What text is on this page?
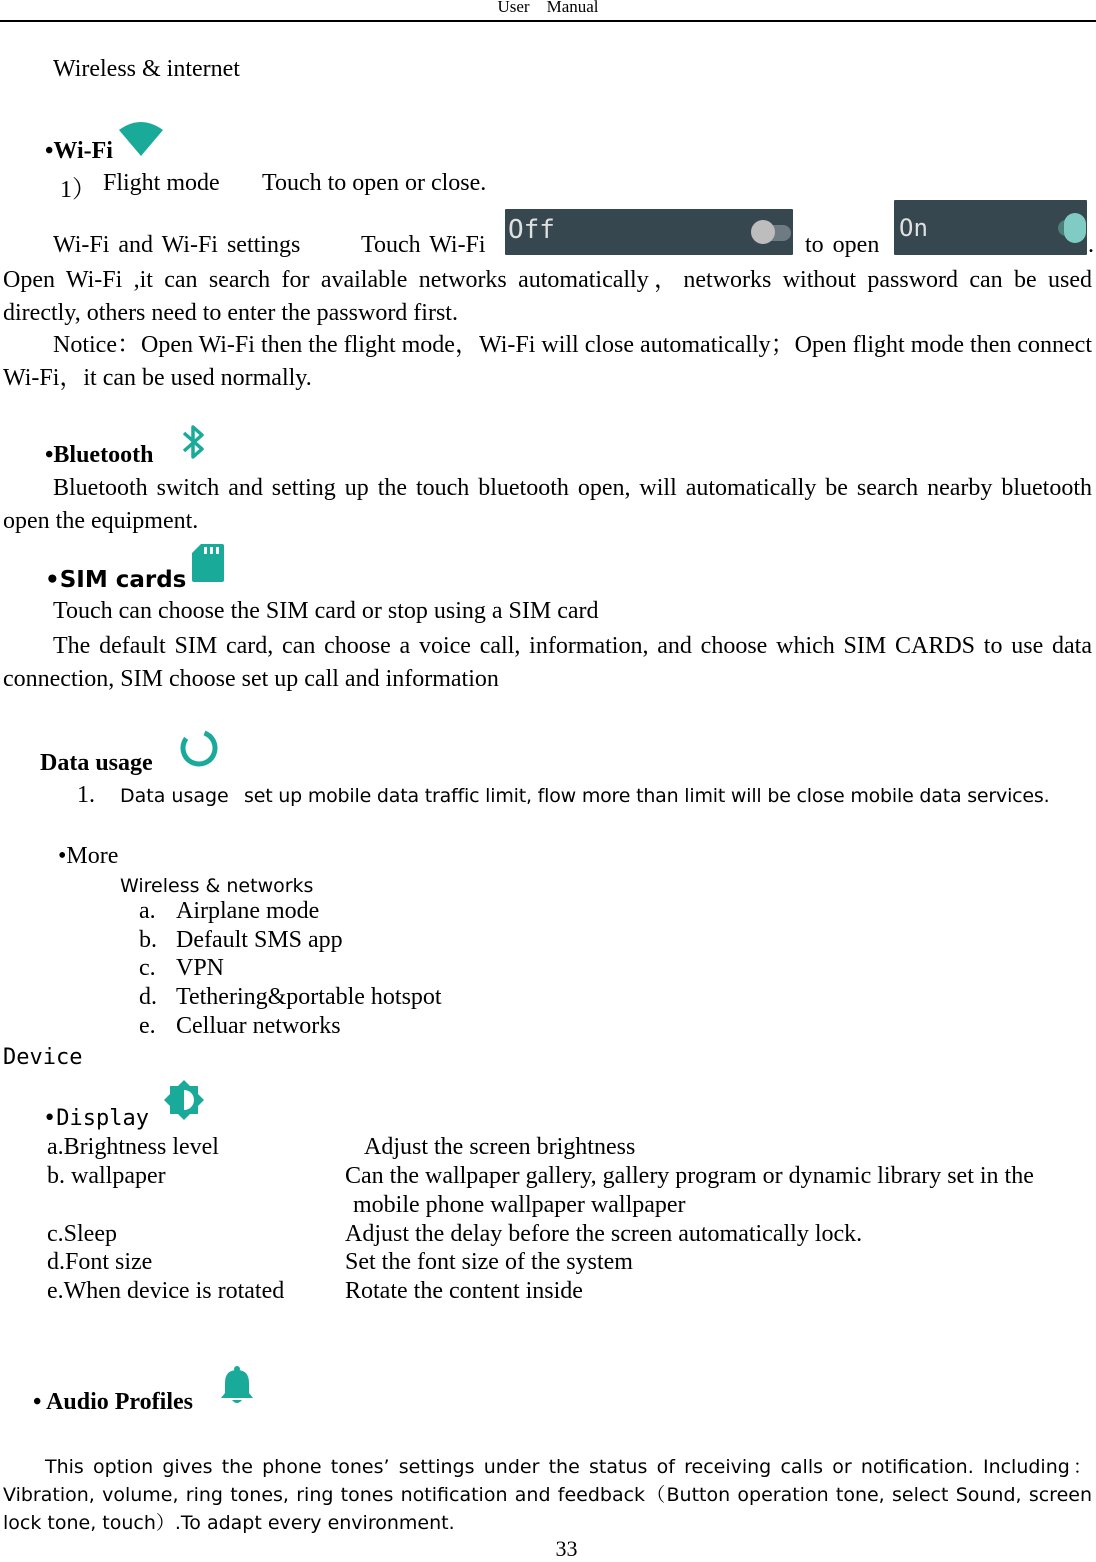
User    Manual
Wireless & internet
•Wi-Fi
1） Flight mode Touch to open or close.
Wi-Fi and Wi-Fi settings	Touch Wi-Fi Off	to open
On
.
Open Wi-Fi ,it can search for available networks automatically，networks without password can be used directly, others need to enter the password first.
Notice：Open Wi-Fi then the flight mode，Wi-Fi will close automatically；Open flight mode then connect Wi-Fi，it can be used normally.
•Bluetooth
Bluetooth switch and setting up the touch bluetooth open, will automatically be search nearby bluetooth open the equipment.
•SIM cards
Touch can choose the SIM card or stop using a SIM card
The default SIM card, can choose a voice call, information, and choose which SIM CARDS to use data connection, SIM choose set up call and information
Data usage
1. Data usage set up mobile data traffic limit, flow more than limit will be close mobile data services.
•More
Wireless & networks
a. Airplane mode
b. Default SMS app
c. VPN
d. Tethering&portable hotspot
e. Celluar networks
Device
•Display
a.Brightness level	Adjust the screen brightness
b. wallpaper	Can the wallpaper gallery, gallery program or dynamic library set in the
mobile phone wallpaper wallpaper
c.Sleep	Adjust the delay before the screen automatically lock.
d.Font size	Set the font size of the system
e.When device is rotated	Rotate the content inside
• Audio Profiles
This option gives the phone tones’ settings under the status of receiving calls or notification. Including：Vibration, volume, ring tones, ring tones notification and feedback（Button operation tone, select Sound, screen lock tone, touch）.To adapt every environment.
33
